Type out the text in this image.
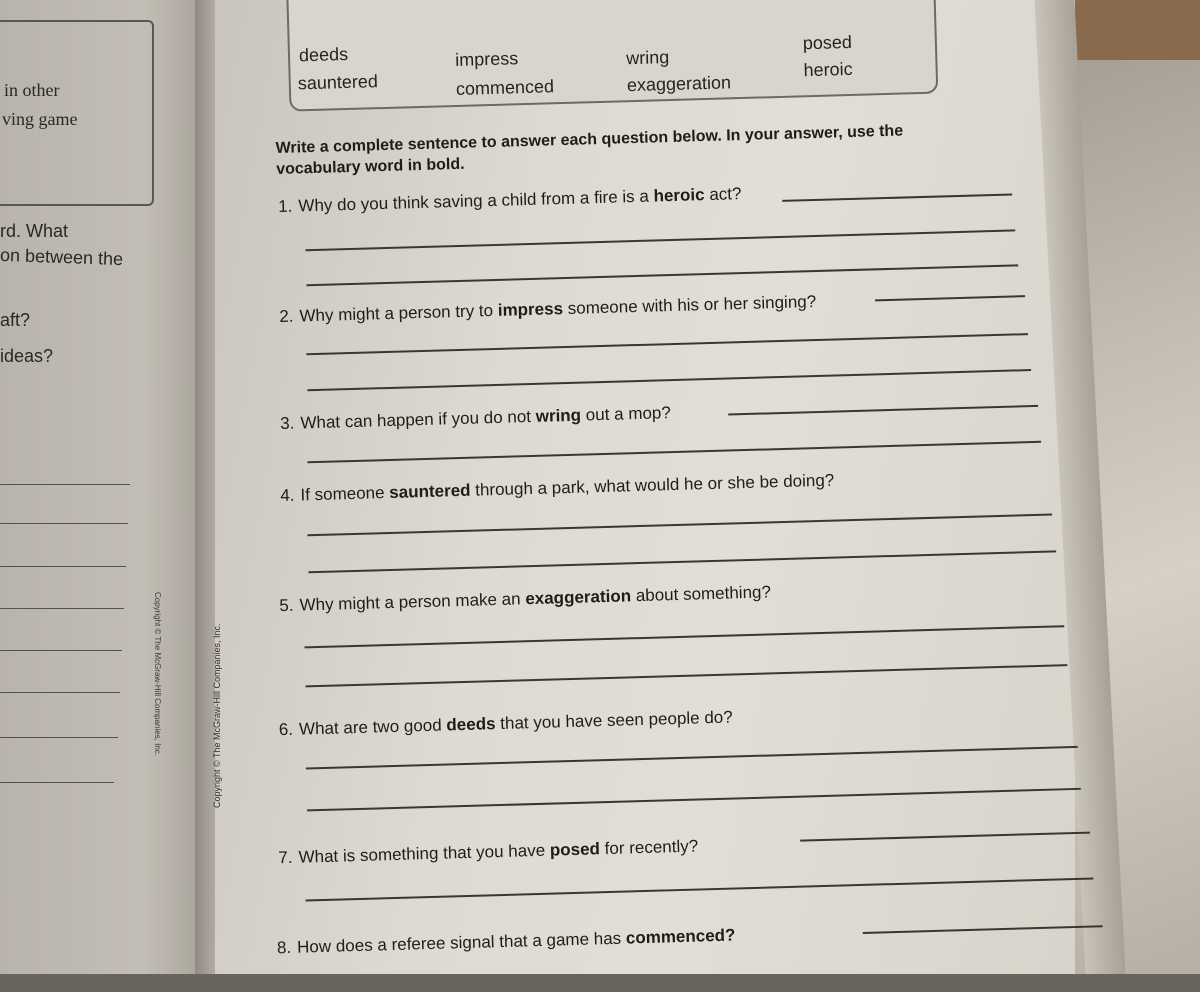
in other
ving game
rd. What
on between the
aft?
ideas?
Copyright © The McGraw-Hill Companies, Inc.	Copyright © The McGraw-Hill Companies, Inc.
deeds
sauntered
impress
commenced
wring
exaggeration
posed
heroic
Write a complete sentence to answer each question below. In your answer, use the vocabulary word in bold.
1. Why do you think saving a child from a fire is a heroic act?
2. Why might a person try to impress someone with his or her singing?
3. What can happen if you do not wring out a mop?
4. If someone sauntered through a park, what would he or she be doing?
5. Why might a person make an exaggeration about something?
6. What are two good deeds that you have seen people do?
7. What is something that you have posed for recently?
8. How does a referee signal that a game has commenced?
